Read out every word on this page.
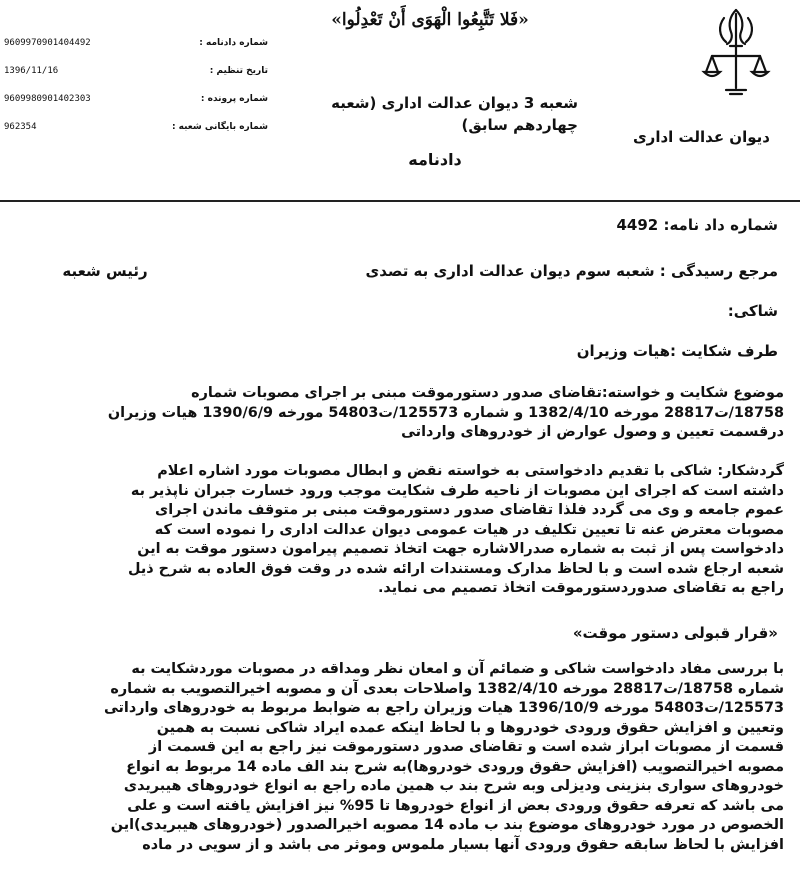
دیوان عدالت اداری
«فَلا تَتَّبِعُوا الْهَوَى أَنْ تَعْدِلُوا»
شعبه 3 دیوان عدالت اداری (شعبه چهاردهم سابق)
دادنامه
شماره دادنامه :
9609970901404492
تاریخ تنظیم :
1396/11/16
شماره پرونده :
9609980901402303
شماره بایگانی شعبه :
962354
شماره داد نامه: 4492
مرجع رسیدگی : شعبه سوم دیوان عدالت اداری به تصدی
رئیس شعبه
شاکی:
طرف شکایت :هیات وزیران
موضوع شکایت و خواسته:تقاضای صدور دستورموقت مبنی بر اجرای مصوبات شماره
18758/ت28817 مورخه 1382/4/10 و شماره 125573/ت54803 مورخه 1390/6/9 هیات وزیران
درقسمت تعیین و وصول عوارض از خودروهای وارداتی
گردشکار: شاکی با تقدیم دادخواستی به خواسته نقض و ابطال مصوبات مورد اشاره اعلام
داشته است که اجرای این مصوبات از ناحیه طرف شکایت موجب ورود خسارت جبران ناپذیر به
عموم جامعه و وی می گردد فلذا تقاضای صدور دستورموقت مبنی بر متوقف ماندن اجرای
مصوبات معترض عنه تا تعیین تکلیف در هیات عمومی دیوان عدالت اداری را نموده است که
دادخواست پس از ثبت به شماره صدرالاشاره جهت اتخاذ تصمیم پیرامون دستور موقت به این
شعبه ارجاع شده است و با لحاظ مدارک ومستندات ارائه شده در وقت فوق العاده به شرح ذیل
راجع به تقاضای صدوردستورموقت اتخاذ تصمیم می نماید.
«قرار قبولی دستور موقت»
با بررسی مفاد دادخواست شاکی و ضمائم آن و امعان نظر ومداقه در مصوبات موردشکایت به
شماره 18758/ت28817 مورخه 1382/4/10 واصلاحات بعدی آن و مصوبه اخیرالتصویب به شماره
125573/ت54803 مورخه 1396/10/9 هیات وزیران راجع به ضوابط مربوط به خودروهای وارداتی
وتعیین و افزایش حقوق ورودی خودروها و با لحاظ اینکه عمده ایراد شاکی نسبت به همین
قسمت از مصوبات ابراز شده است و تقاضای صدور دستورموقت نیز راجع به این قسمت از
مصوبه اخیرالتصویب (افزایش حقوق ورودی خودروها)به شرح بند الف ماده 14 مربوط به انواع
خودروهای سواری بنزینی ودیزلی وبه شرح بند ب همین ماده راجع به انواع خودروهای هیبریدی
می باشد که تعرفه حقوق ورودی بعض از انواع خودروها تا 95% نیز افزایش یافته است و علی
الخصوص در مورد خودروهای موضوع بند ب ماده 14 مصوبه اخیرالصدور (خودروهای هیبریدی)این
افزایش با لحاظ سابقه حقوق ورودی آنها بسیار ملموس وموثر می باشد و از سویی در ماده
